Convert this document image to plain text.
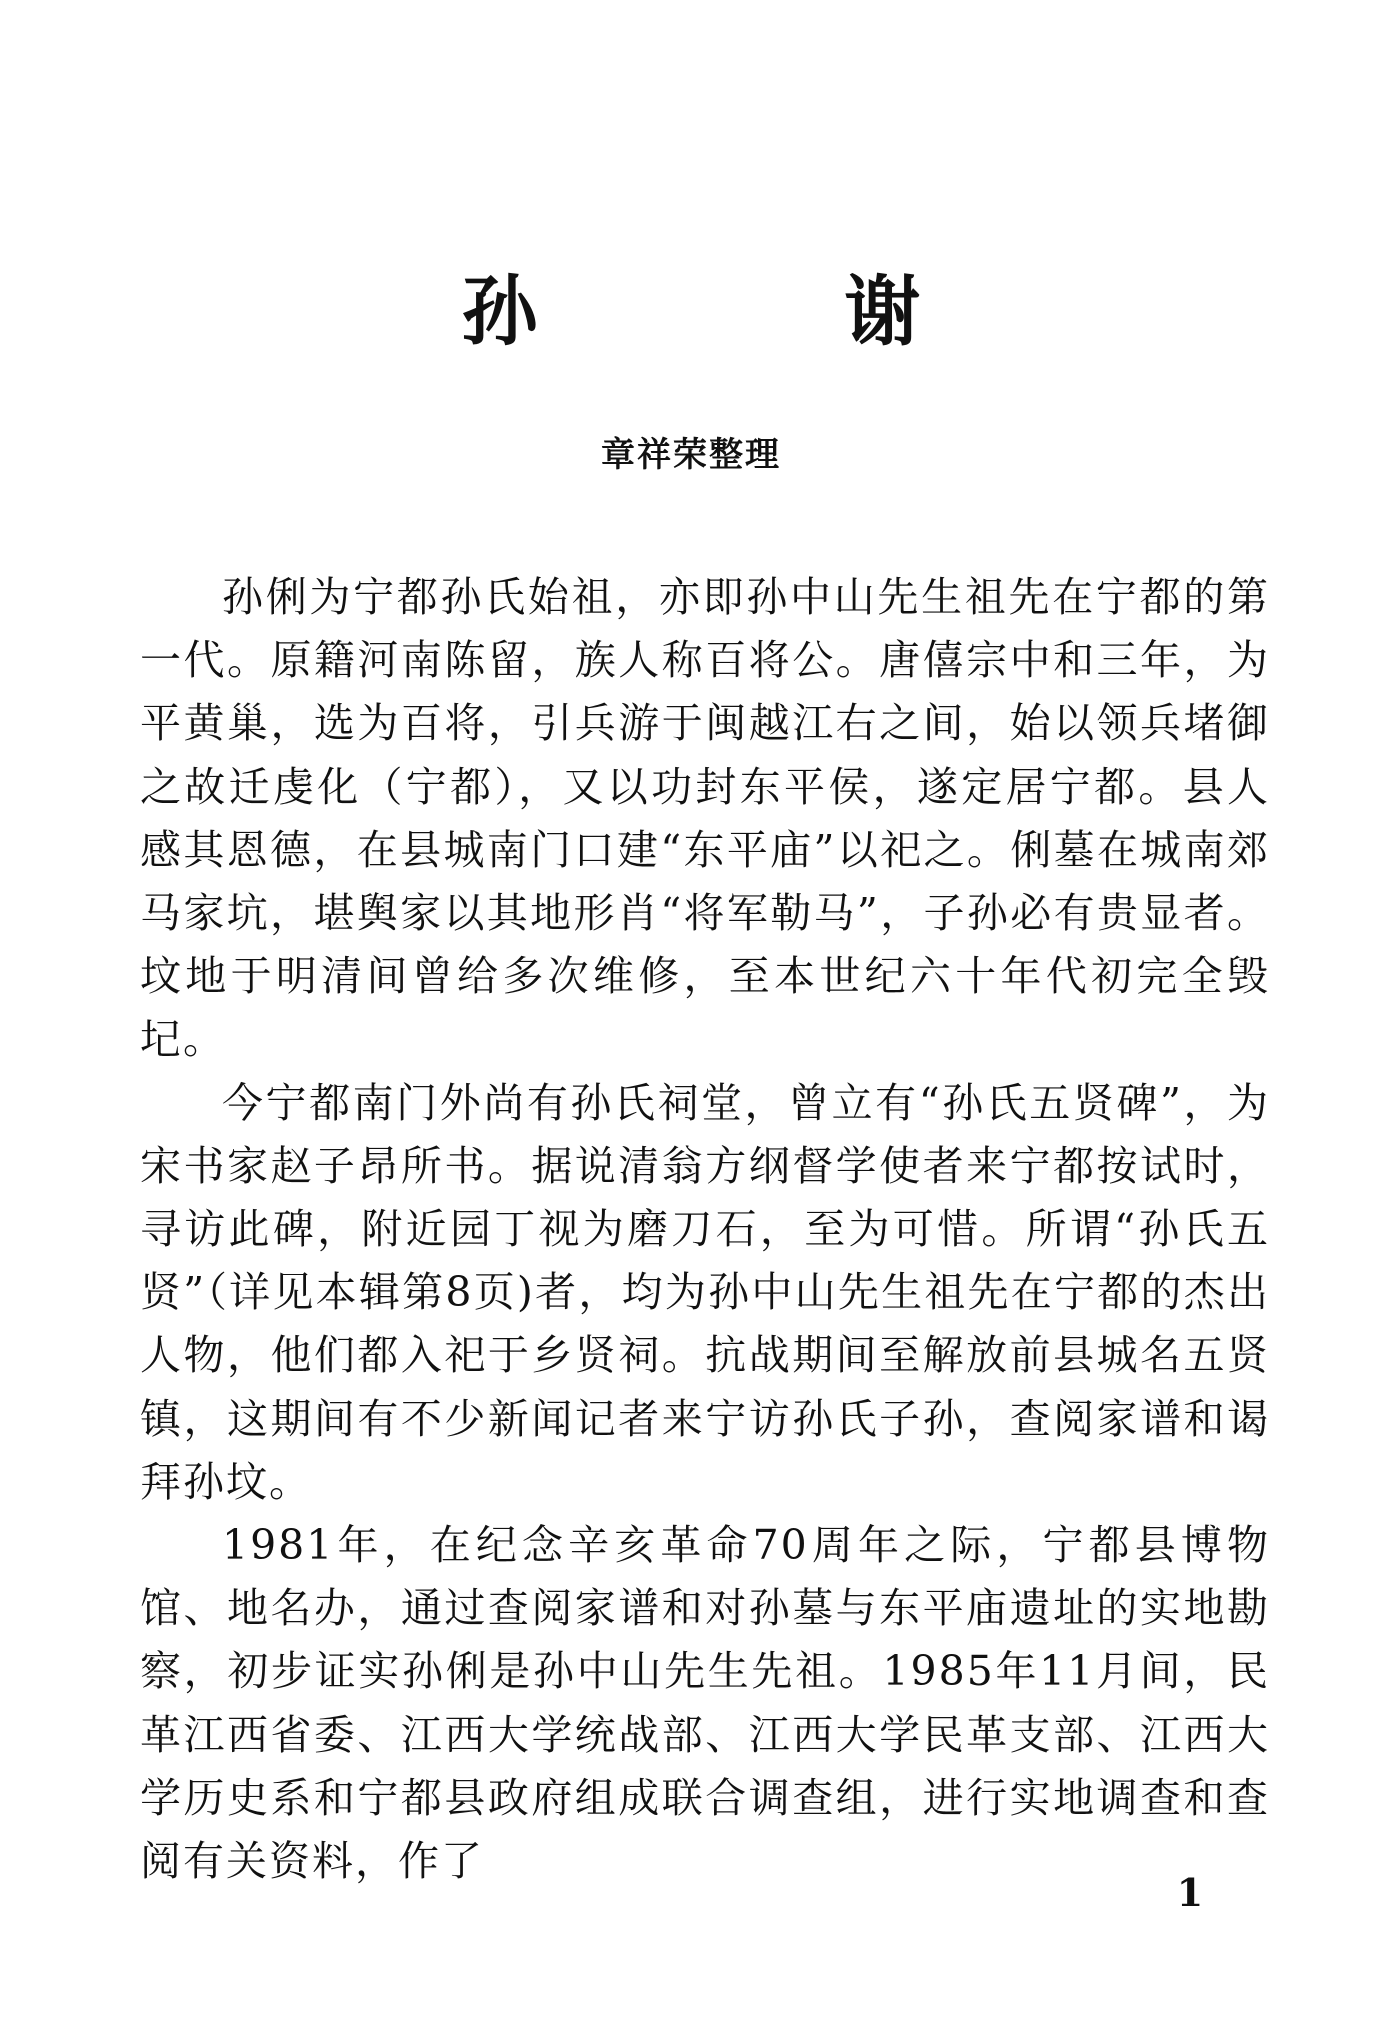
孙 谢
章祥荣整理

孙俐为宁都孙氏始祖，亦即孙中山先生祖先在宁都的第一代。原籍河南陈留，族人称百将公。唐僖宗中和三年，为平黄巢，选为百将，引兵游于闽越江右之间，始以领兵堵御之故迁虔化（宁都），又以功封东平侯，遂定居宁都。县人感其恩德，在县城南门口建“东平庙”以祀之。俐墓在城南郊马家坑，堪舆家以其地形肖“将军勒马”，子孙必有贵显者。坟地于明清间曾给多次维修，至本世纪六十年代初完全毁圮。

今宁都南门外尚有孙氏祠堂，曾立有“孙氏五贤碑”，为宋书家赵子昂所书。据说清翁方纲督学使者来宁都按试时，寻访此碑，附近园丁视为磨刀石，至为可惜。所谓“孙氏五贤”（详见本辑第8页)者，均为孙中山先生祖先在宁都的杰出人物，他们都入祀于乡贤祠。抗战期间至解放前县城名五贤镇，这期间有不少新闻记者来宁访孙氏子孙，查阅家谱和谒拜孙坟。

1981年，在纪念辛亥革命70周年之际，宁都县博物馆、地名办，通过查阅家谱和对孙墓与东平庙遗址的实地勘察，初步证实孙俐是孙中山先生先祖。1985年11月间，民革江西省委、江西大学统战部、江西大学民革支部、江西大学历史系和宁都县政府组成联合调查组，进行实地调查和查阅有关资料，作了

1
